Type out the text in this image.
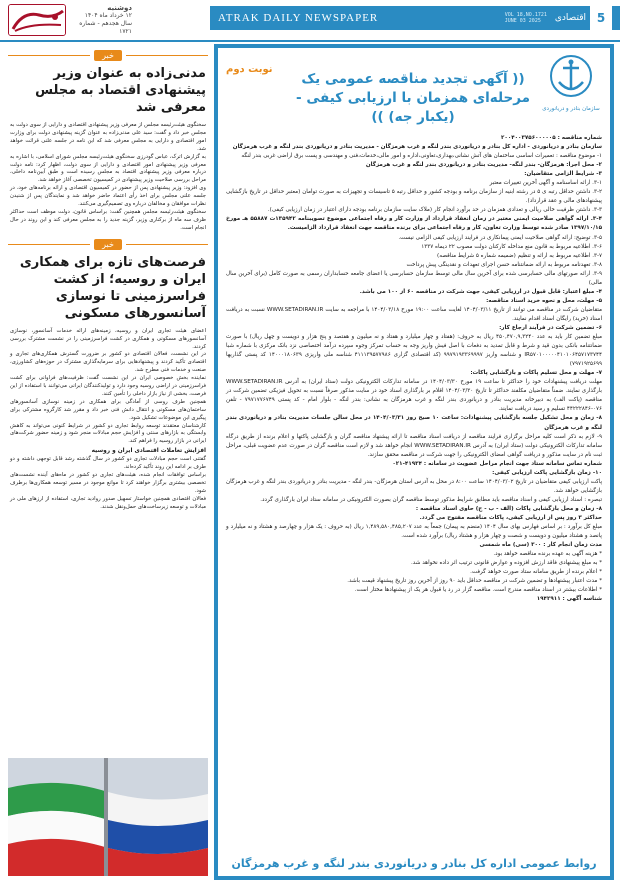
دوشنبه
۱۲ خرداد ماه ۱۴۰۴
سال هجدهم - شماره ۱۷۲۱
ATRAK DAILY NEWSPAPER	VOL 18,NO.1721
JUNE 03 2025	اقتصادی 5
خبر
مدنی‌زاده به عنوان وزیر پیشنهادی اقتصاد به مجلس معرفی شد

سخنگوی هیئت‌رئیسه مجلس از معرفی وزیر پیشنهادی اقتصادی و دارایی از سوی دولت به مجلس خبر داد و گفت: سید علی مدنی‌زاده به عنوان گزینه پیشنهادی دولت برای وزارت امور اقتصادی و دارایی به مجلس معرفی شد که این نامه در جلسه علنی قرائت خواهد شد.

به گزارش اترک، عباس گودرزی سخنگوی هیئت‌رئیسه مجلس شورای اسلامی، با اشاره به معرفی وزیر پیشنهادی امور اقتصادی و دارایی از سوی دولت، اظهار کرد: نامه دولت درباره معرفی وزیر پیشنهادی اقتصاد به مجلس رسیده است و طبق آیین‌نامه داخلی، مراحل بررسی صلاحیت وزیر پیشنهادی در کمیسیون تخصصی آغاز خواهد شد.

وی افزود: وزیر پیشنهادی پس از حضور در کمیسیون اقتصادی و ارائه برنامه‌های خود، در جلسه علنی مجلس برای اخذ رأی اعتماد حاضر خواهد شد و نمایندگان پس از شنیدن نظرات موافقان و مخالفان درباره وی تصمیم‌گیری می‌کنند.

سخنگوی هیئت‌رئیسه مجلس همچنین گفت: براساس قانون، دولت موظف است حداکثر ظرف سه ماه از برکناری وزیر، گزینه جدید را به مجلس معرفی کند و این روند در حال انجام است.

خبر
فرصت‌های تازه برای همکاری ایران و روسیه؛ از کشت فراسرزمینی تا نوسازی آسانسورهای مسکونی

اعضای هیئت تجاری ایران و روسیه، زمینه‌های ارائه خدمات آسانسور، نوسازی آسانسورهای مسکونی و همکاری در کشت فراسرزمینی را در نشست مشترک بررسی کردند.

در این نشست، فعالان اقتصادی دو کشور بر ضرورت گسترش همکاری‌های تجاری و اقتصادی تأکید کردند و پیشنهادهایی برای سرمایه‌گذاری مشترک در حوزه‌های کشاورزی، صنعت و خدمات فنی مطرح شد.

نماینده بخش خصوصی ایران در این نشست گفت: ظرفیت‌های فراوانی برای کشت فراسرزمینی در اراضی روسیه وجود دارد و تولیدکنندگان ایرانی می‌توانند با استفاده از این فرصت، بخشی از نیاز بازار داخلی را تأمین کنند.

همچنین طرف روسی از آمادگی برای همکاری در زمینه نوسازی آسانسورهای ساختمان‌های مسکونی و انتقال دانش فنی خبر داد و مقرر شد کارگروه مشترکی برای پیگیری این موضوعات تشکیل شود.

کارشناسان معتقدند توسعه روابط تجاری دو کشور در شرایط کنونی می‌تواند به کاهش وابستگی به بازارهای سنتی و افزایش حجم مبادلات منجر شود و زمینه حضور شرکت‌های ایرانی در بازار روسیه را فراهم کند.

افزایش تعاملات اقتصادی ایران و روسیه

گفتنی است حجم مبادلات تجاری دو کشور در سال گذشته رشد قابل توجهی داشته و دو طرف بر ادامه این روند تأکید کرده‌اند.

براساس توافقات انجام شده، هیئت‌های تجاری دو کشور در ماه‌های آینده نشست‌های تخصصی بیشتری برگزار خواهند کرد تا موانع موجود در مسیر توسعه همکاری‌ها برطرف شود.

فعالان اقتصادی همچنین خواستار تسهیل صدور روادید تجاری، استفاده از ارزهای ملی در مبادلات و توسعه زیرساخت‌های حمل‌ونقل شدند.

سازمان بنادر و دریانوردی
(( آگهی تجدید مناقصه عمومی یک مرحله‌ای همزمان با ارزیابی کیفی - (یکبار جه) ))
نوبت دوم

شماره مناقصه : ۲۰۰۴۰۰۳۷۵۶۰۰۰۰۰۵

سازمان بنادر و دریانوردی - اداره کل بنادر و دریانوردی بندر لنگه و غرب هرمزگان - مدیریت بنادر و دریانوردی بندر لنگه و غرب هرمزگان

۱- موضوع مناقصه : تعمیرات اساسی ساختمان های آتش نشانی،بهداری،تعاونی،اداره و امور مالی،خدمات،فنی و مهندسی و پست برق اراضی غربی بندر لنگه

۲- محل اجرا: هرمزگان- بندر لنگه- مدیریت بنادر و دریانوردی بندر لنگه و غرب هرمزگان

۳- شرایط الزامی متقاضیان:

۳-۱. ارائه اساسنامه و آگهی آخرین تغییرات معتبر

۳-۲. داشتن حداقل رتبه ی ۵ در رشته ابنیه از سازمان برنامه و بودجه کشور و حداقل رتبه ۵ تاسیسات و تجهیزات به صورت توامان (معتبر حداقل در تاریخ بازگشایی پیشنهادهای مالی و عقد قرارداد).

۳-۳. داشتن ظرفیت خالی ریالی و تعدادی همزمان در حد برآورد انجام کار (ملاک سایت سازمان برنامه بودجه دارای اعتبار در زمان ارزیابی کیفی).

۳-۴. ارائه گواهی صلاحیت ایمنی معتبر در زمان انعقاد قرارداد از وزارت کار و رفاه اجتماعی موضوع تصویبنامه ۱۳۵۹۴۲ت ۵۵۸۸۷ هـ مورخ ۱۳۹۷/۱۰/۱۵ صادر شده توسط وزارت تعاون، کار و رفاه اجتماعی برای برنده مناقصه جهت انعقاد قرارداد الزامیست.

۳-۵. توضیح: ارائه گواهی صلاحیت ایمنی پیمانکاری در فرایند ارزیابی کیفی الزامی نیست.

۳-۶. اطلاعیه مربوط به قانون منع مداخله کارکنان دولت مصوب ۲۲ دیماه ۱۳۳۷

۳-۷. اطلاعیه مربوط به ارائه و تنظیم (ضمیمه شماره ۵ شرایط مناقصه)

۳-۸. تعهدنامه مربوط به ارائه ضمانتنامه حسن اجرای تعهدات و نقدینگی پیش پرداخت

۳-۹. ارائه صورتهای مالی حسابرسی شده برای آخرین سال مالی توسط سازمان حسابرسی یا اعضای جامعه حسابداران رسمی به صورت کامل (برای آخرین سال مالی)

۴- مبلغ اعتبار: قابل قبول در ارزیابی کیفی، جهت شرکت در مناقصه ۶۰ از ۱۰۰ می باشد.

۵- مهلت، محل و نحوه خرید اسناد مناقصه:

متقاضیان شرکت در مناقصه می توانند از تاریخ ۱۴۰۴/۰۳/۱۱ لغایت ساعت ۱۹:۰۰ مورخ ۱۴۰۴/۰۳/۱۸ با مراجعه به سایت WWW.SETADIRAN.IR نسبت به دریافت اسناد (خرید) رایگان اسناد اقدام نمایند.

۶- تضمین شرکت در فرآیند ارجاع کار:

مبلغ تضمین کار باید به عدد ۴۵۰,۴۷۰,۹,۳۲۴۰ ریال به حروف: (هفتاد و چهار میلیارد و هفتاد و نه میلیون و هفتصد و پنج هزار و دویست و چهل ریال) با صورت ضمانتنامه بانکی بدون قید و شرط و قابل تمدید به دفعات با اصل فیش واریز وجه به حساب تمرکز وجوه سپرده درآمد اختصاصی نزد بانک مرکزی با شماره شبا IR۵۷۰۱۰۰۰۰۰۴۱۰۱۰۶۴۵۷۱۷۳۷۴۴ و شناسه واریز ۹۹۷۹۱۹۳۳۶۹۹۹۷ (کد اقتصادی گزاری ۴۱۱۱۳۹۵۷۷۹۸۶ شناسه ملی واریزی ۱۴۰۰۰۱۸۰۶۳۹ کد پستی گذاریها ۷۹۷۱۹۲۵۶۹۹)

۷- مهلت و محل تسلیم پاکات و بازگشایی پاکات:

مهلت دریافت پیشنهادات خود را حداکثر تا ساعت ۱۹ مورخ ۱۴۰۴/۰۳/۳۰ در سامانه تدارکات الکترونیکی دولت (ستاد ایران) به آدرس WWW.SETADIRAN.IR بارگذاری نمایند. ضمناً متقاضیان مکلفند حداکثر تا تاریخ ۱۴۰۴/۰۳/۳۰ اقلام بر بارگذاری اسناد خود در سایت مذکور صرفاً نسبت به تحویل فیزیکی تضمین شرکت در مناقصه (پاکت الف) به دبیرخانه مدیریت بنادر و دریانوردی بندر لنگه و غرب هرمزگان به نشانی: بندر لنگه - بلوار امام - کد پستی ۷۹۷۱۷۷۶۷۴۹ - تلفن ۰۷۶-۴۴۲۲۲۸۴۶ تسلیم و رسید دریافت نمایند.

۸- زمان و محل تشکیل جلسه بازگشایی پیشنهادات: ساعت ۱۰ صبح روز ۱۴۰۴/۰۳/۳۱ در محل سالن جلسات مدیریت بنادر و دریانوردی بندر لنگه و غرب هرمزگان

۹- لازم به ذکر است کلیه مراحل برگزاری فرایند مناقصه از دریافت اسناد مناقصه تا ارائه پیشنهاد مناقصه گران و بازگشایی پاکتها و اعلام برنده از طریق درگاه سامانه تدارکات الکترونیکی دولت (ستاد ایران) به آدرس WWW.SETADIRAN.IR انجام خواهد شد و لازم است مناقصه گران در صورت عدم عضویت قبلی، مراحل ثبت نام در سایت مذکور و دریافت گواهی امضای الکترونیکی را جهت شرکت در مناقصه محقق سازند.

شماره تماس سامانه ستاد جهت انجام مراحل عضویت در سامانه : ۴۱۹۳۴-۰۲۱

۱۰- زمان بازگشایی پاکت ارزیابی کیفی:

پاکت ارزیابی کیفی متقاضیان در تاریخ ۱۴۰۴/۰۳/۰۲ ساعت ۸:۰۰ در محل به آدرس استان هرمزگان- بندر لنگه - مدیریت بنادر و دریانوردی بندر لنگه و غرب هرمزگان بازگشایی خواهد شد.

تبصره : اسناد ارزیابی کیفی و اسناد مناقصه باید مطابق شرایط مذکور توسط مناقصه گران بصورت الکترونیکی در سامانه ستاد ایران بارگذاری گردد.

۸- زمان و محل بازگشایی پاکات (الف - ب - ج) حاوی اسناد مناقصه :

حداکثر ۳ روز پس از ارزیابی کیفی، پاکات مناقصه مفتوح می گردد.

مبلغ کل برآورد : بر اساس فهارس بهای سال ۱۴۰۴ (منضم به پیمان) جمعاً به عدد ۱,۴۸۹,۵۸۰,۴۸۵,۲۰۷ ریال (به حروف : یک هزار و چهارصد و هشتاد و نه میلیارد و پانصد و هشتاد میلیون و دویست و شصت و چهار هزار و هشتاد ریال) برآورد شده است.

مدت زمان انجام کار : ۳۰۰ (سی) ماه شمسی

* هزینه آگهی به عهده برنده مناقصه خواهد بود.

* به مبلغ پیشنهادی فاقد ارزش افزوده و عوارض قانونی ترتیب اثر داده نخواهد شد.

* اعلام برنده از طریق سامانه ستاد صورت خواهد گرفت.

* مدت اعتبار پیشنهادها و تضمین شرکت در مناقصه حداقل باید ۹۰ روز از آخرین روز تاریخ پیشنهاد قیمت باشد.

* اطلاعات بیشتر در اسناد مناقصه مندرج است. مناقصه گزار در رد یا قبول هر یک از پیشنهادها مختار است.

شناسه آگهی : ۱۹۴۲۹۱۱

روابط عمومی اداره کل بنادر و دریانوردی بندر لنگه و غرب هرمزگان
